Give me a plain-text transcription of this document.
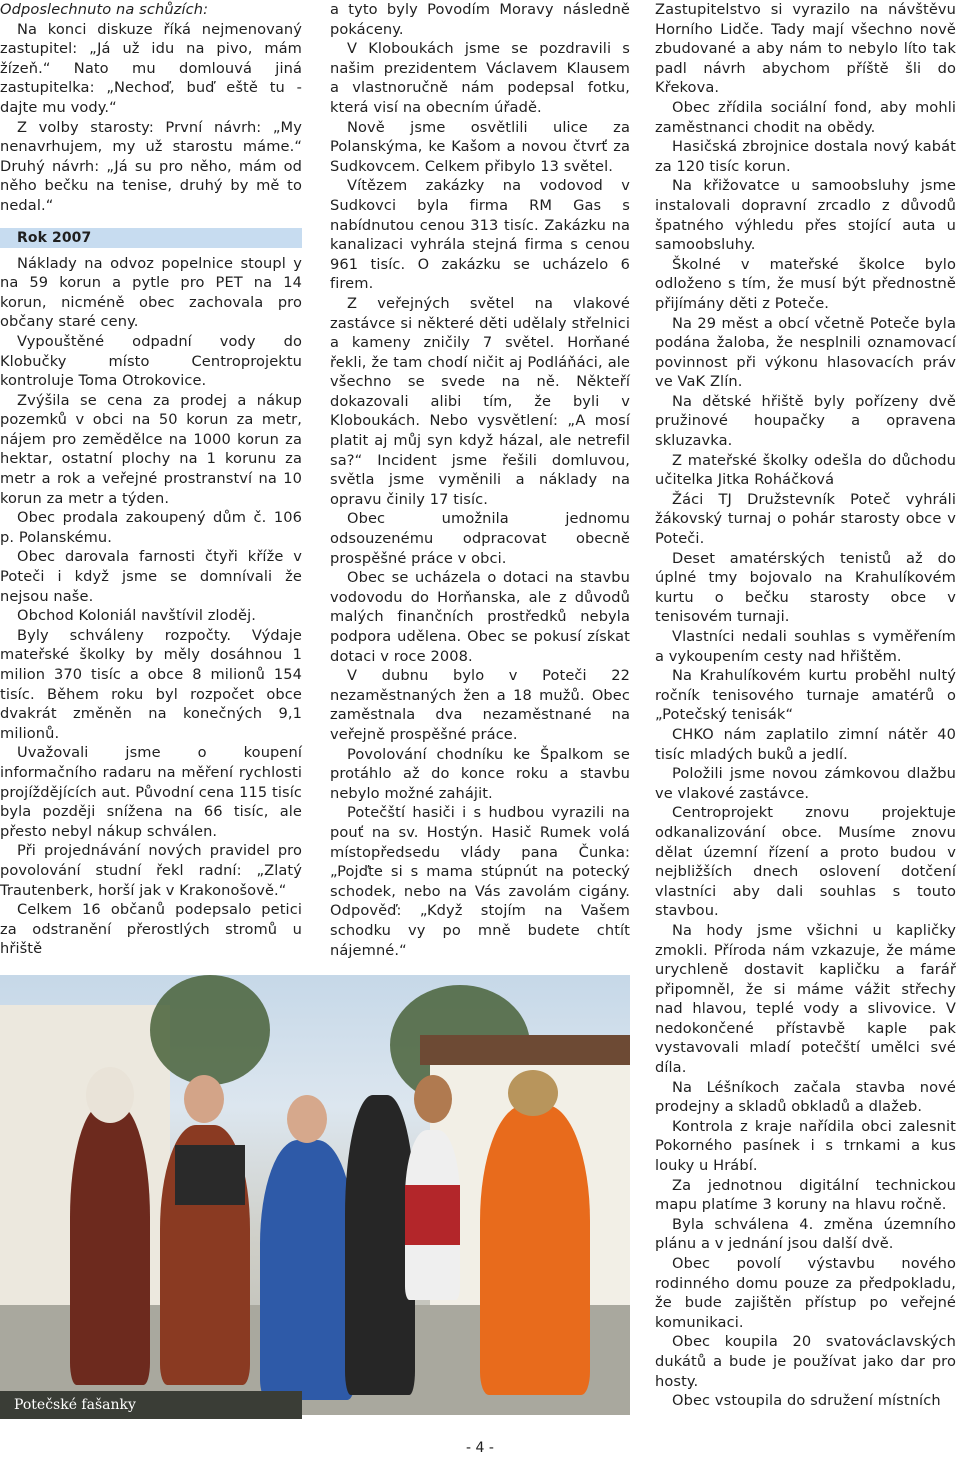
Odposlechnuto na schůzích:

Na konci diskuze říká nejmenovaný zastupitel: „Já už idu na pivo, mám žízeň.“ Nato mu domlouvá jiná zastupitelka: „Nechoď, buď eště tu - dajte mu vody.“

Z volby starosty: První návrh: „My nenavrhujem, my už starostu máme.“ Druhý návrh: „Já su pro něho, mám od něho bečku na tenise, druhý by mě to nedal.“

Rok 2007

Náklady na odvoz popelnice stoupl y na 59 korun a pytle pro PET na 14 korun, nicméně obec zachovala pro občany staré ceny.

Vypouštěné odpadní vody do Klobučky místo Centroprojektu kontroluje Toma Otrokovice.

Zvýšila se cena za prodej a nákup pozemků v obci na 50 korun za metr, nájem pro zemědělce na 1000 korun za hektar, ostatní plochy na 1 korunu za metr a rok a veřejné prostranství na 10 korun za metr a týden.

Obec prodala zakoupený dům č. 106 p. Polanskému.

Obec darovala farnosti čtyři kříže v Poteči i když jsme se domnívali že nejsou naše.

Obchod Koloniál navštívil zloděj.

Byly schváleny rozpočty. Výdaje mateřské školky by měly dosáhnou 1 milion 370 tisíc a obce 8 milionů 154 tisíc. Během roku byl rozpočet obce dvakrát změněn na konečných 9,1 milionů.

Uvažovali jsme o koupení informačního radaru na měření rychlosti projíždějících aut. Původní cena 115 tisíc byla později snížena na 66 tisíc, ale přesto nebyl nákup schválen.

Při projednávání nových pravidel pro povolování studní řekl radní: „Zlatý Trautenberk, horší jak v Krakonošově.“

Celkem 16 občanů podepsalo petici za odstranění přerostlých stromů u hřiště

a tyto byly Povodím Moravy následně pokáceny.

V Kloboukách jsme se pozdravili s našim prezidentem Václavem Klausem a vlastnoručně nám podepsal fotku, která visí na obecním úřadě.

Nově jsme osvětlili ulice za Polanskýma, ke Kašom a novou čtvrť za Sudkovcem. Celkem přibylo 13 světel.

Vítězem zakázky na vodovod v Sudkovci byla firma RM Gas s nabídnutou cenou 313 tisíc. Zakázku na kanalizaci vyhrála stejná firma s cenou 961 tisíc. O zakázku se ucházelo 6 firem.

Z veřejných světel na vlakové zastávce si některé děti udělaly střelnici a kameny zničily 7 světel. Horňané řekli, že tam chodí ničit aj Podláňáci, ale všechno se svede na ně. Někteří dokazovali alibi tím, že byli v Kloboukách. Nebo vysvětlení: „A mosí platit aj můj syn když házal, ale netrefil sa?“ Incident jsme řešili domluvou, světla jsme vyměnili a náklady na opravu činily 17 tisíc.

Obec umožnila jednomu odsouzenému odpracovat obecně prospěšné práce v obci.

Obec se ucházela o dotaci na stavbu vodovodu do Horňanska, ale z důvodů malých finančních prostředků nebyla podpora udělena. Obec se pokusí získat dotaci v roce 2008.

V dubnu bylo v Poteči 22 nezaměstnaných žen a 18 mužů. Obec zaměstnala dva nezaměstnané na veřejně prospěšné práce.

Povolování chodníku ke Špalkom se protáhlo až do konce roku a stavbu nebylo možné zahájit.

Potečští hasiči i s hudbou vyrazili na pouť na sv. Hostýn. Hasič Rumek volá místopředsedu vlády pana Čunka: „Pojďte si s mama stúpnút na potecký schodek, nebo na Vás zavolám cigány. Odpověď: „Když stojím na Vašem schodku vy po mně budete chtít nájemné.“

Zastupitelstvo si vyrazilo na návštěvu Horního Lidče. Tady mají všechno nově zbudované a aby nám to nebylo líto tak padl návrh abychom příště šli do Křekova.

Obec zřídila sociální fond, aby mohli zaměstnanci chodit na obědy.

Hasičská zbrojnice dostala nový kabát za 120 tisíc korun.

Na křižovatce u samoobsluhy jsme instalovali dopravní zrcadlo z důvodů špatného výhledu přes stojící auta u samoobsluhy.

Školné v mateřské školce bylo odloženo s tím, že musí být přednostně přijímány děti z Poteče.

Na 29 měst a obcí včetně Poteče byla podána žaloba, že nesplnili oznamovací povinnost při výkonu hlasovacích práv ve VaK Zlín.

Na dětské hřiště byly pořízeny dvě pružinové houpačky a opravena skluzavka.

Z mateřské školky odešla do důchodu učitelka Jitka Roháčková

Žáci TJ Družstevník Poteč vyhráli žákovský turnaj o pohár starosty obce v Poteči.

Deset amatérských tenistů až do úplné tmy bojovalo na Krahulíkovém kurtu o bečku starosty obce v tenisovém turnaji.

Vlastníci nedali souhlas s vyměřením a vykoupením cesty nad hřištěm.

Na Krahulíkovém kurtu proběhl nultý ročník tenisového turnaje amatérů o „Potečský tenisák“

CHKO nám zaplatilo zimní nátěr 40 tisíc mladých buků a jedlí.

Položili jsme novou zámkovou dlažbu ve vlakové zastávce.

Centroprojekt znovu projektuje odkanalizování obce. Musíme znovu dělat územní řízení a proto budou v nejbližších dnech oslovení dotčení vlastníci aby dali souhlas s touto stavbou.

Na hody jsme všichni u kapličky zmokli. Příroda nám vzkazuje, že máme urychleně dostavit kapličku a farář připomněl, že si máme vážit střechy nad hlavou, teplé vody a slivovice. V nedokončené přístavbě kaple pak vystavovali mladí potečští umělci své díla.

Na Léšníkoch začala stavba nové prodejny a skladů obkladů a dlažeb.

Kontrola z kraje nařídila obci zalesnit Pokorného pasínek i s trnkami a kus louky u Hrábí.

Za jednotnou digitální technickou mapu platíme 3 koruny na hlavu ročně.

Byla schválena 4. změna územního plánu a v jednání jsou další dvě.

Obec povolí výstavbu nového rodinného domu pouze za předpokladu, že bude zajištěn přístup po veřejné komunikaci.

Obec koupila 20 svatováclavských dukátů a bude je používat jako dar pro hosty.

Obec vstoupila do sdružení místních

Potečské fašanky
- 4 -
